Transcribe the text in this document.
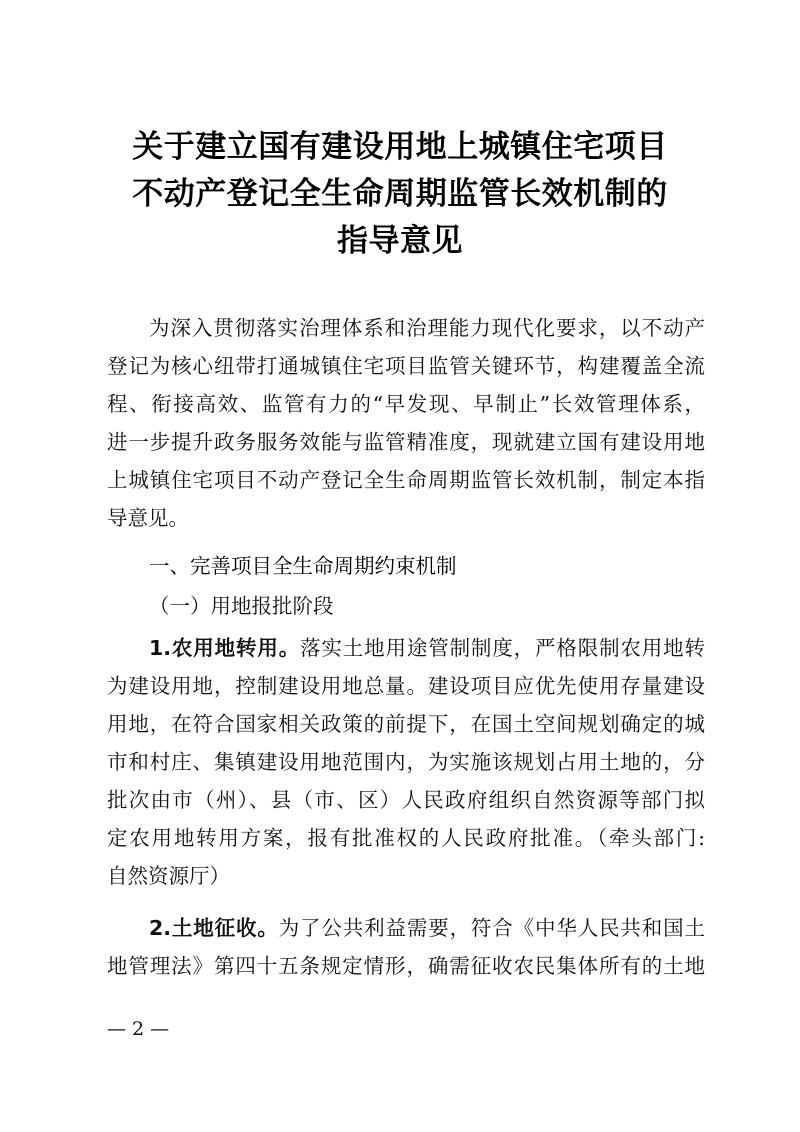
关于建立国有建设用地上城镇住宅项目
不动产登记全生命周期监管长效机制的
指导意见
为深入贯彻落实治理体系和治理能力现代化要求，以不动产
登记为核心纽带打通城镇住宅项目监管关键环节，构建覆盖全流
程、衔接高效、监管有力的“早发现、早制止”长效管理体系，
进一步提升政务服务效能与监管精准度，现就建立国有建设用地
上城镇住宅项目不动产登记全生命周期监管长效机制，制定本指
导意见。
一、完善项目全生命周期约束机制
（一）用地报批阶段
1.农用地转用。落实土地用途管制制度，严格限制农用地转
为建设用地，控制建设用地总量。建设项目应优先使用存量建设
用地，在符合国家相关政策的前提下，在国土空间规划确定的城
市和村庄、集镇建设用地范围内，为实施该规划占用土地的，分
批次由市（州）、县（市、区）人民政府组织自然资源等部门拟
定农用地转用方案，报有批准权的人民政府批准。（牵头部门:
自然资源厅）
2.土地征收。为了公共利益需要，符合《中华人民共和国土
地管理法》第四十五条规定情形，确需征收农民集体所有的土地
— 2 —
